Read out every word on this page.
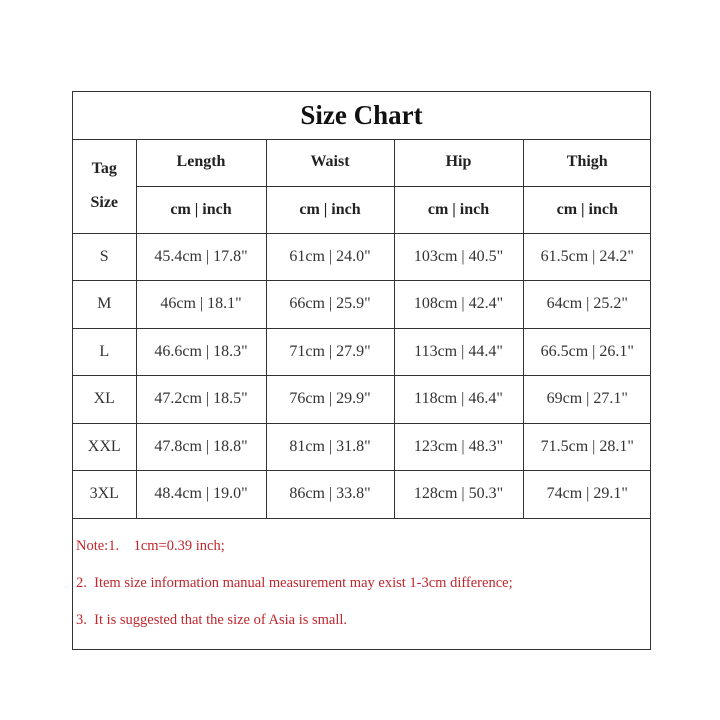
Size Chart
Tag
Size	Length	Waist	Hip	Thigh
	cm | inch	cm | inch	cm | inch	cm | inch
S	45.4cm | 17.8"	61cm | 24.0"	103cm | 40.5"	61.5cm | 24.2"
M	46cm | 18.1"	66cm | 25.9"	108cm | 42.4"	64cm | 25.2"
L	46.6cm | 18.3"	71cm | 27.9"	113cm | 44.4"	66.5cm | 26.1"
XL	47.2cm | 18.5"	76cm | 29.9"	118cm | 46.4"	69cm | 27.1"
XXL	47.8cm | 18.8"	81cm | 31.8"	123cm | 48.3"	71.5cm | 28.1"
3XL	48.4cm | 19.0"	86cm | 33.8"	128cm | 50.3"	74cm | 29.1"
Note:1.    1cm=0.39 inch;
2.  Item size information manual measurement may exist 1-3cm difference;
3.  It is suggested that the size of Asia is small.
